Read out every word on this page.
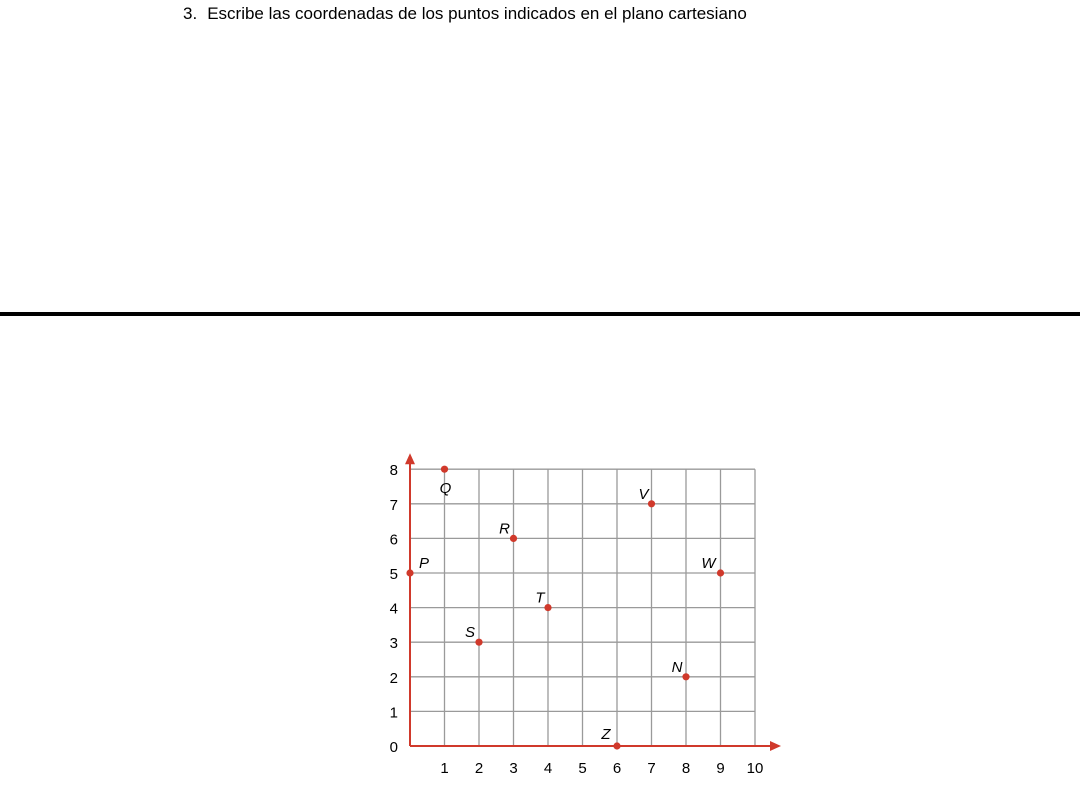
3. Escribe las coordenadas de los puntos indicados en el plano cartesiano
1 2 3 4 5 6 7 8 9 10
0
1
2
3
4
5
6
7
8
P
Q
R
S
T
V
W
N
Z
